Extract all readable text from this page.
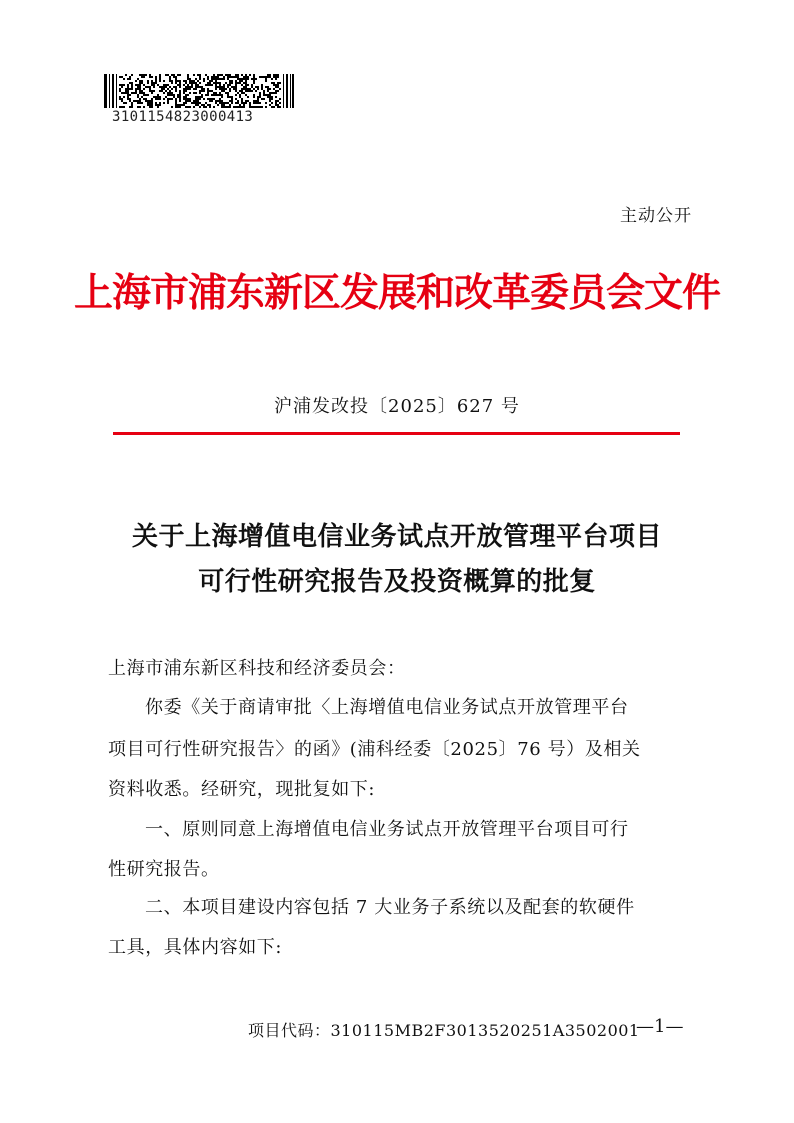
3101154823000413
主动公开
上海市浦东新区发展和改革委员会文件
沪浦发改投〔2025〕627 号
关于上海增值电信业务试点开放管理平台项目
可行性研究报告及投资概算的批复
上海市浦东新区科技和经济委员会：
你委《关于商请审批〈上海增值电信业务试点开放管理平台
项目可行性研究报告〉的函》(浦科经委〔2025〕76 号）及相关
资料收悉。经研究，现批复如下:
一、原则同意上海增值电信业务试点开放管理平台项目可行
性研究报告。
二、本项目建设内容包括 7 大业务子系统以及配套的软硬件
工具，具体内容如下:
项目代码：310115MB2F3013520251A3502001
—1—
